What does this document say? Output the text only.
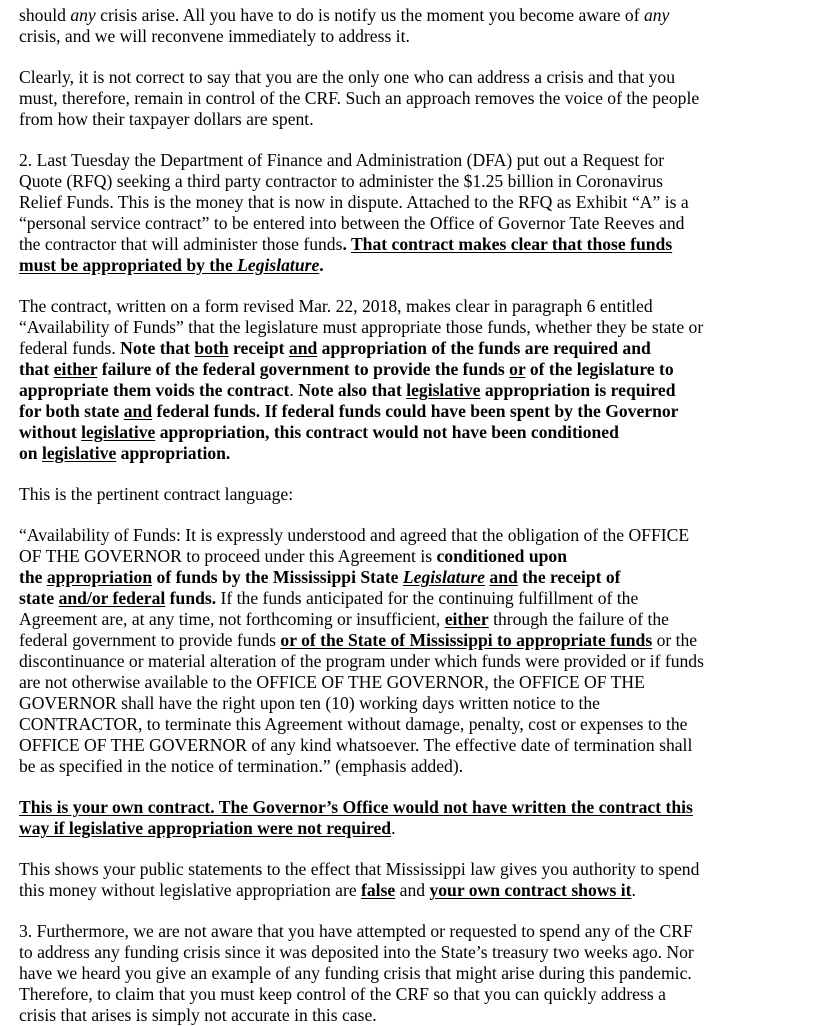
should any crisis arise. All you have to do is notify us the moment you become aware of any
crisis, and we will reconvene immediately to address it.
Clearly, it is not correct to say that you are the only one who can address a crisis and that you
must, therefore, remain in control of the CRF. Such an approach removes the voice of the people
from how their taxpayer dollars are spent.
2. Last Tuesday the Department of Finance and Administration (DFA) put out a Request for
Quote (RFQ) seeking a third party contractor to administer the $1.25 billion in Coronavirus
Relief Funds. This is the money that is now in dispute. Attached to the RFQ as Exhibit “A” is a
“personal service contract” to be entered into between the Office of Governor Tate Reeves and
the contractor that will administer those funds. That contract makes clear that those funds
must be appropriated by the Legislature.
The contract, written on a form revised Mar. 22, 2018, makes clear in paragraph 6 entitled
“Availability of Funds” that the legislature must appropriate those funds, whether they be state or
federal funds. Note that both receipt and appropriation of the funds are required and
that either failure of the federal government to provide the funds or of the legislature to
appropriate them voids the contract. Note also that legislative appropriation is required
for both state and federal funds. If federal funds could have been spent by the Governor
without legislative appropriation, this contract would not have been conditioned
on legislative appropriation.
This is the pertinent contract language:
“Availability of Funds: It is expressly understood and agreed that the obligation of the OFFICE
OF THE GOVERNOR to proceed under this Agreement is conditioned upon
the appropriation of funds by the Mississippi State Legislature and the receipt of
state and/or federal funds. If the funds anticipated for the continuing fulfillment of the
Agreement are, at any time, not forthcoming or insufficient, either through the failure of the
federal government to provide funds or of the State of Mississippi to appropriate funds or the
discontinuance or material alteration of the program under which funds were provided or if funds
are not otherwise available to the OFFICE OF THE GOVERNOR, the OFFICE OF THE
GOVERNOR shall have the right upon ten (10) working days written notice to the
CONTRACTOR, to terminate this Agreement without damage, penalty, cost or expenses to the
OFFICE OF THE GOVERNOR of any kind whatsoever. The effective date of termination shall
be as specified in the notice of termination.” (emphasis added).
This is your own contract. The Governor’s Office would not have written the contract this
way if legislative appropriation were not required.
This shows your public statements to the effect that Mississippi law gives you authority to spend
this money without legislative appropriation are false and your own contract shows it.
3. Furthermore, we are not aware that you have attempted or requested to spend any of the CRF
to address any funding crisis since it was deposited into the State’s treasury two weeks ago. Nor
have we heard you give an example of any funding crisis that might arise during this pandemic.
Therefore, to claim that you must keep control of the CRF so that you can quickly address a
crisis that arises is simply not accurate in this case.
